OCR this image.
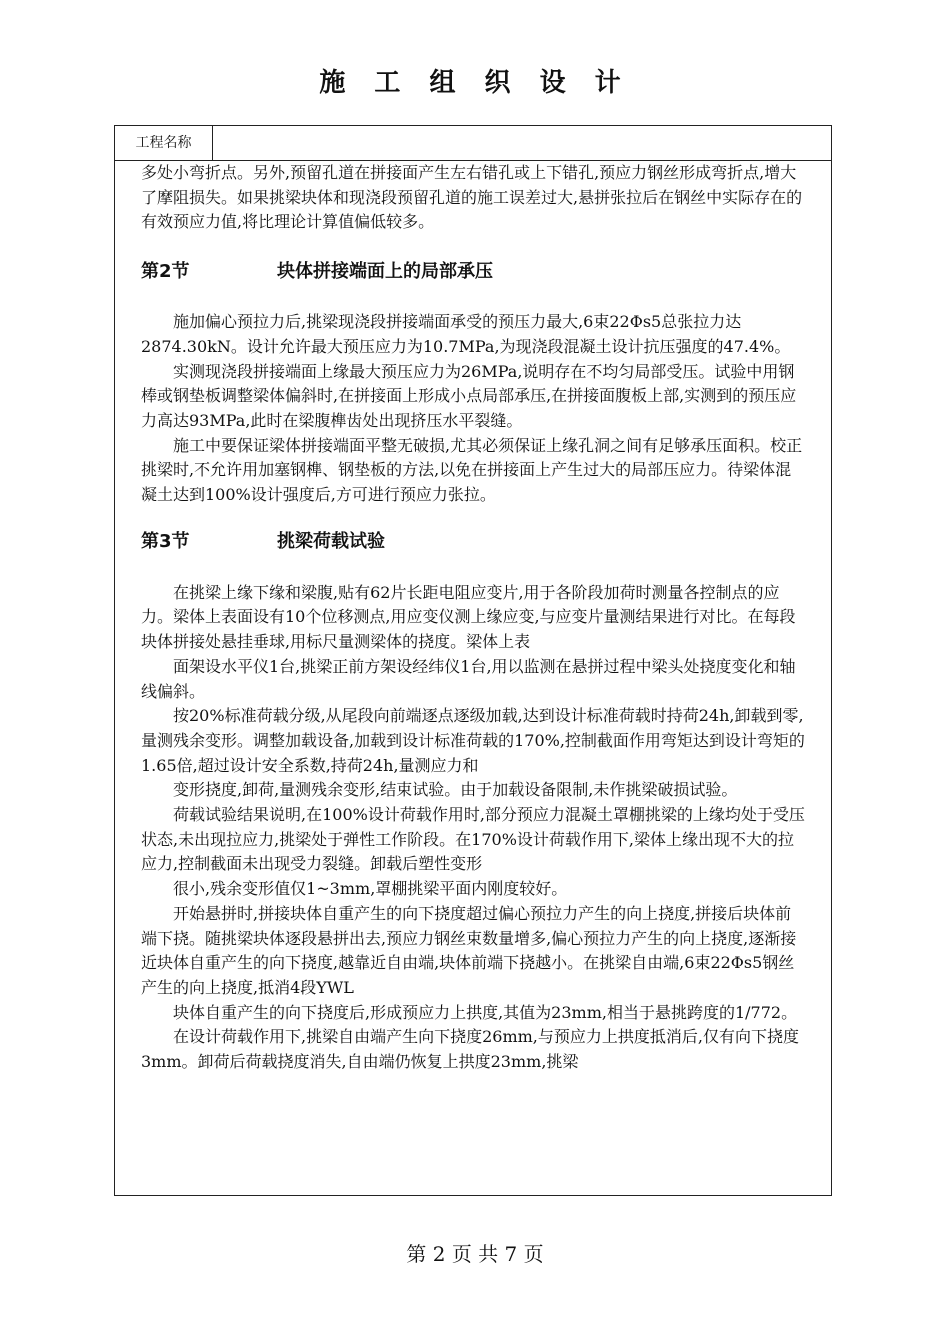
施 工 组 织 设 计
工程名称

多处小弯折点。另外,预留孔道在拼接面产生左右错孔或上下错孔,预应力钢丝形成弯折点,增大了摩阻损失。如果挑梁块体和现浇段预留孔道的施工误差过大,悬拼张拉后在钢丝中实际存在的有效预应力值,将比理论计算值偏低较多。

第2节	块体拼接端面上的局部承压

施加偏心预拉力后,挑梁现浇段拼接端面承受的预压力最大,6束22Φs5总张拉力达2874.30kN。设计允许最大预压应力为10.7MPa,为现浇段混凝土设计抗压强度的47.4%。

实测现浇段拼接端面上缘最大预压应力为26MPa,说明存在不均匀局部受压。试验中用钢棒或钢垫板调整梁体偏斜时,在拼接面上形成小点局部承压,在拼接面腹板上部,实测到的预压应力高达93MPa,此时在梁腹榫齿处出现挤压水平裂缝。

施工中要保证梁体拼接端面平整无破损,尤其必须保证上缘孔洞之间有足够承压面积。校正挑梁时,不允许用加塞钢榫、钢垫板的方法,以免在拼接面上产生过大的局部压应力。待梁体混凝土达到100%设计强度后,方可进行预应力张拉。

第3节	挑梁荷载试验

在挑梁上缘下缘和梁腹,贴有62片长距电阻应变片,用于各阶段加荷时测量各控制点的应力。梁体上表面设有10个位移测点,用应变仪测上缘应变,与应变片量测结果进行对比。在每段块体拼接处悬挂垂球,用标尺量测梁体的挠度。梁体上表

面架设水平仪1台,挑梁正前方架设经纬仪1台,用以监测在悬拼过程中梁头处挠度变化和轴线偏斜。

按20%标准荷载分级,从尾段向前端逐点逐级加载,达到设计标准荷载时持荷24h,卸载到零,量测残余变形。调整加载设备,加载到设计标准荷载的170%,控制截面作用弯矩达到设计弯矩的1.65倍,超过设计安全系数,持荷24h,量测应力和

变形挠度,卸荷,量测残余变形,结束试验。由于加载设备限制,未作挑梁破损试验。

荷载试验结果说明,在100%设计荷载作用时,部分预应力混凝土罩棚挑梁的上缘均处于受压状态,未出现拉应力,挑梁处于弹性工作阶段。在170%设计荷载作用下,梁体上缘出现不大的拉应力,控制截面未出现受力裂缝。卸载后塑性变形

很小,残余变形值仅1~3mm,罩棚挑梁平面内刚度较好。

开始悬拼时,拼接块体自重产生的向下挠度超过偏心预拉力产生的向上挠度,拼接后块体前端下挠。随挑梁块体逐段悬拼出去,预应力钢丝束数量增多,偏心预拉力产生的向上挠度,逐渐接近块体自重产生的向下挠度,越靠近自由端,块体前端下挠越小。在挑梁自由端,6束22Φs5钢丝产生的向上挠度,抵消4段YWL

块体自重产生的向下挠度后,形成预应力上拱度,其值为23mm,相当于悬挑跨度的1/772。

在设计荷载作用下,挑梁自由端产生向下挠度26mm,与预应力上拱度抵消后,仅有向下挠度3mm。卸荷后荷载挠度消失,自由端仍恢复上拱度23mm,挑梁

第 2 页 共 7 页
